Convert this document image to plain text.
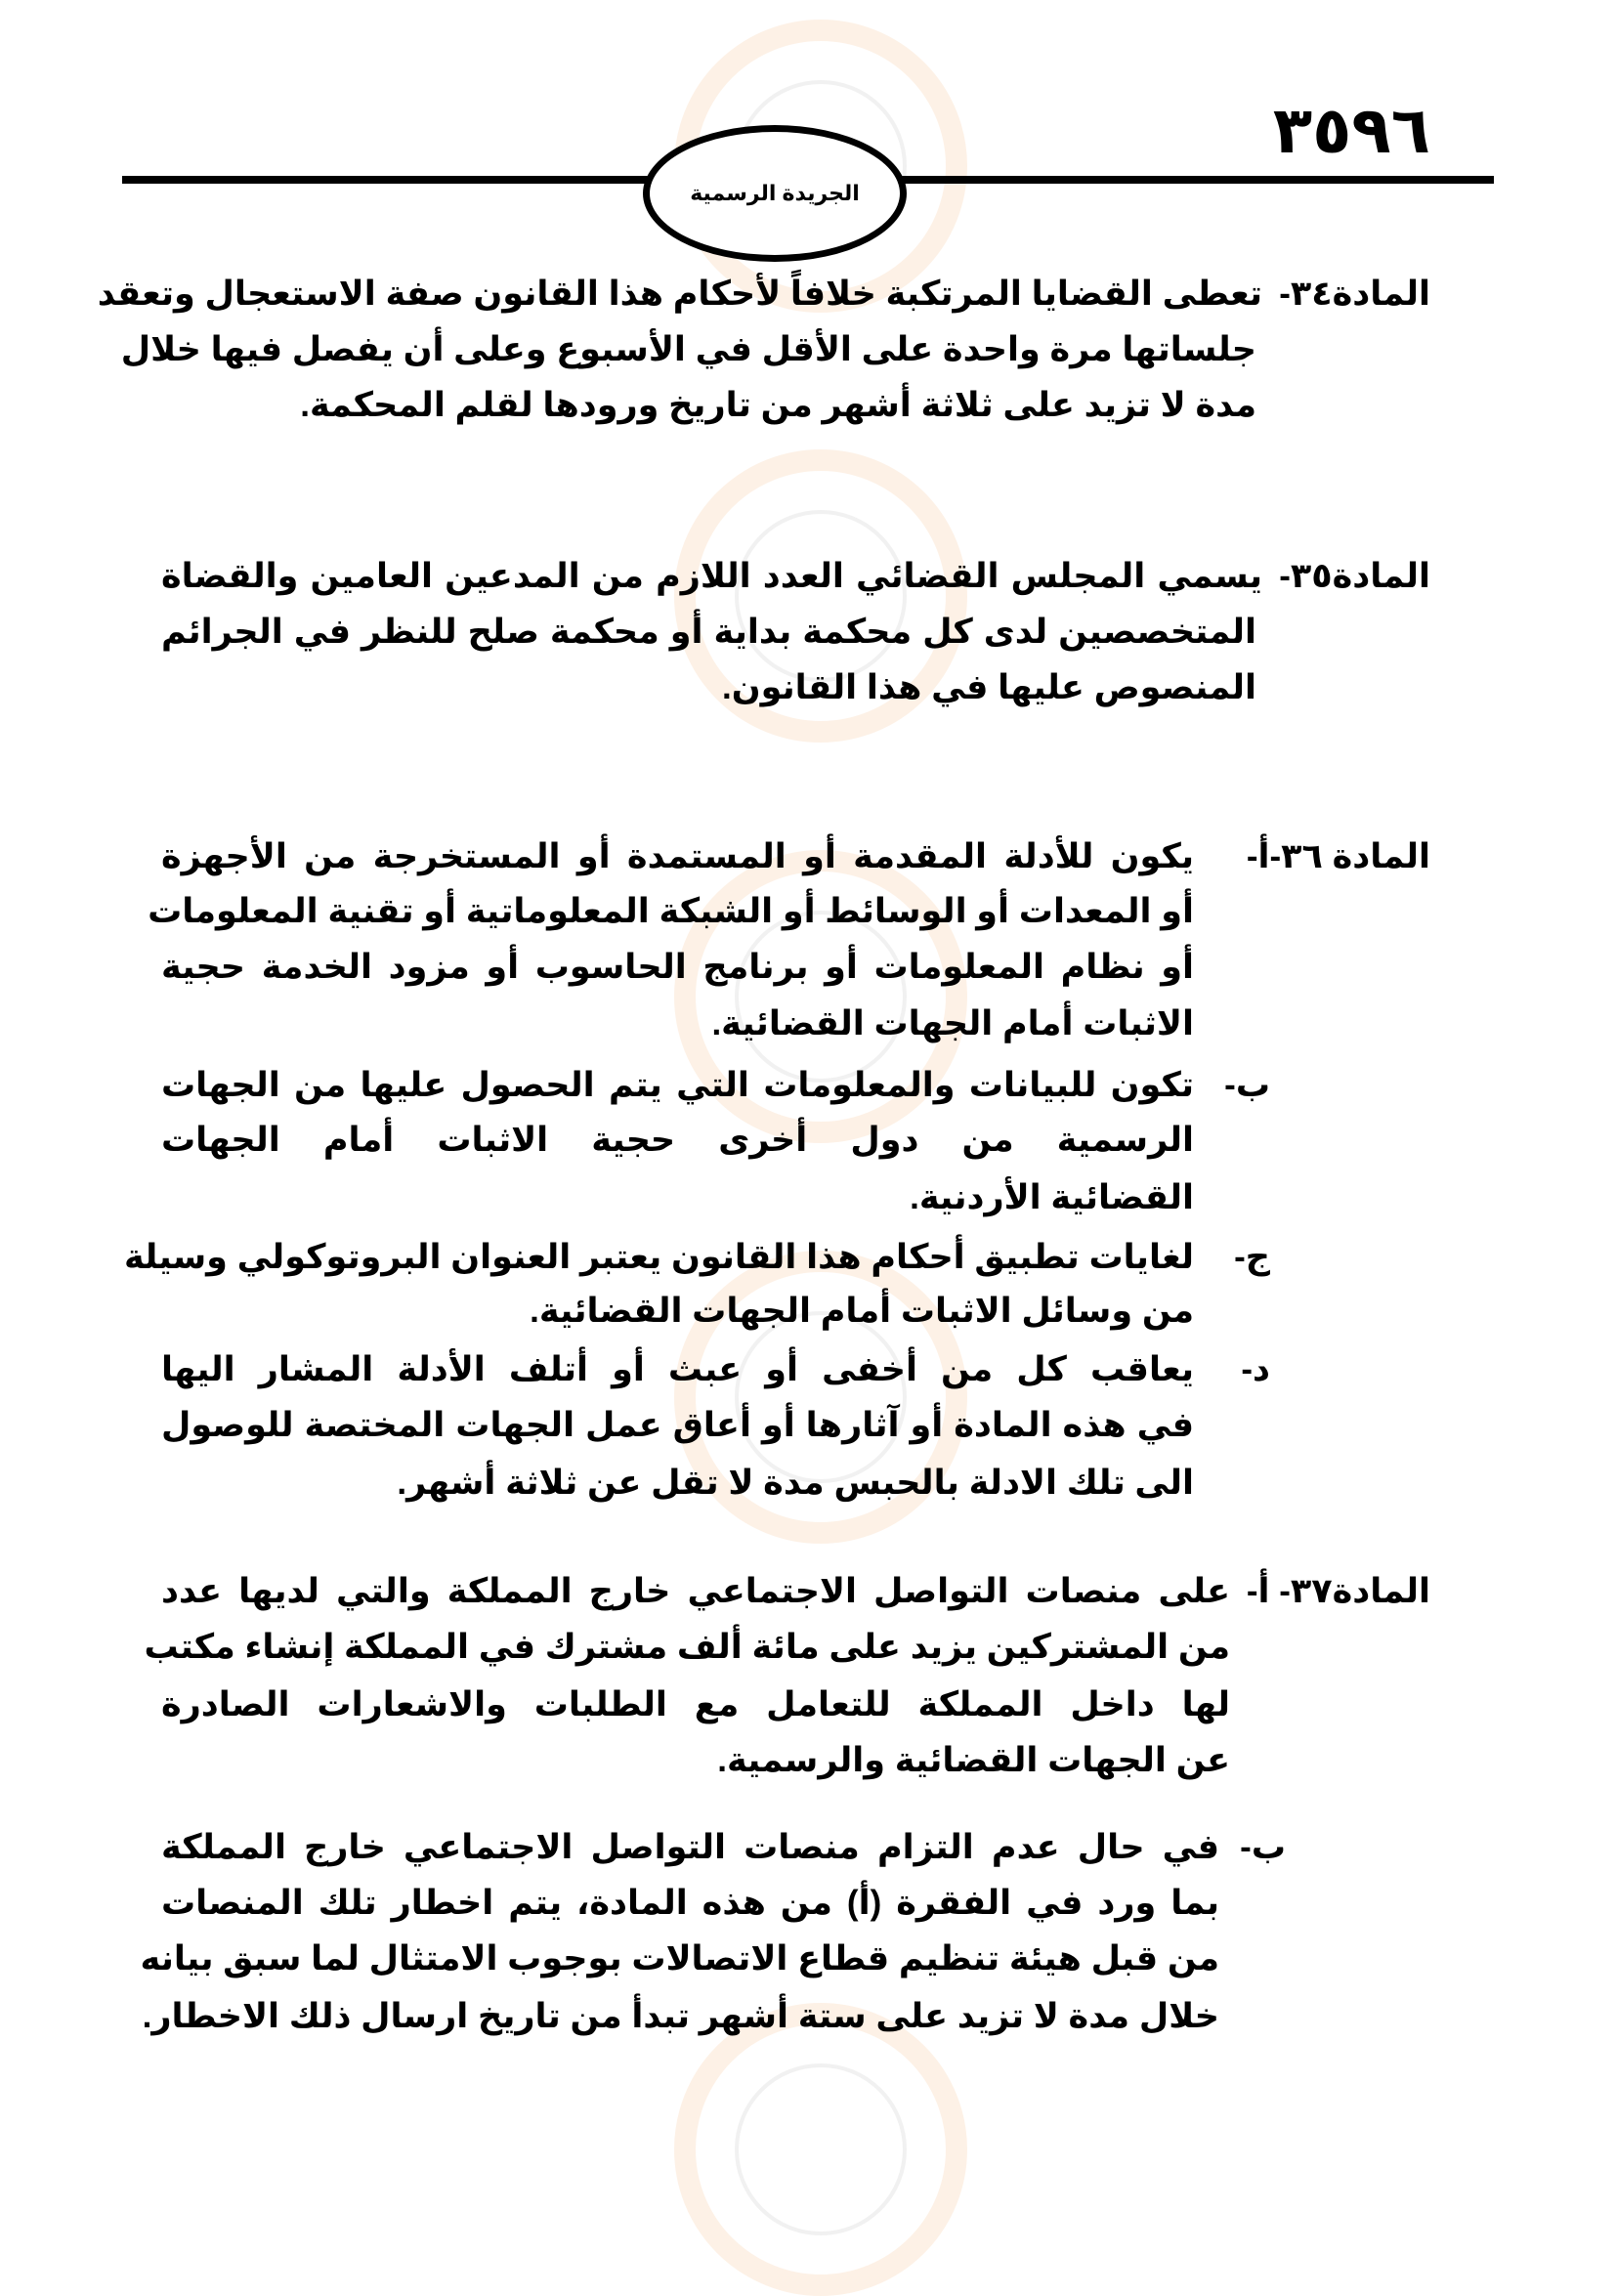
٣٥٩٦
الجريدة الرسمية
المادة٣٤-
تعطى القضايا المرتكبة خلافاً لأحكام هذا القانون صفة الاستعجال وتعقد
جلساتها مرة واحدة على الأقل في الأسبوع وعلى أن يفصل فيها خلال
مدة لا تزيد على ثلاثة أشهر من تاريخ ورودها لقلم المحكمة.
المادة٣٥-
يسمي المجلس القضائي العدد اللازم من المدعين العامين والقضاة
المتخصصين لدى كل محكمة بداية أو محكمة صلح للنظر في الجرائم
المنصوص عليها في هذا القانون.
المادة ٣٦-أ-
يكون للأدلة المقدمة أو المستمدة أو المستخرجة من الأجهزة
أو المعدات أو الوسائط أو الشبكة المعلوماتية أو تقنية المعلومات
أو نظام المعلومات أو برنامج الحاسوب أو مزود الخدمة حجية
الاثبات أمام الجهات القضائية.
ب-
تكون للبيانات والمعلومات التي يتم الحصول عليها من الجهات
الرسمية من دول أخرى حجية الاثبات أمام الجهات
القضائية الأردنية.
ج-
لغايات تطبيق أحكام هذا القانون يعتبر العنوان البروتوكولي وسيلة
من وسائل الاثبات أمام الجهات القضائية.
د-
يعاقب كل من أخفى أو عبث أو أتلف الأدلة المشار اليها
في هذه المادة أو آثارها أو أعاق عمل الجهات المختصة للوصول
الى تلك الادلة بالحبس مدة لا تقل عن ثلاثة أشهر.
المادة٣٧- أ-
على منصات التواصل الاجتماعي خارج المملكة والتي لديها عدد
من المشتركين يزيد على مائة ألف مشترك في المملكة إنشاء مكتب
لها داخل المملكة للتعامل مع الطلبات والاشعارات الصادرة
عن الجهات القضائية والرسمية.
ب-
في حال عدم التزام منصات التواصل الاجتماعي خارج المملكة
بما ورد في الفقرة (أ) من هذه المادة، يتم اخطار تلك المنصات
من قبل هيئة تنظيم قطاع الاتصالات بوجوب الامتثال لما سبق بيانه
خلال مدة لا تزيد على ستة أشهر تبدأ من تاريخ ارسال ذلك الاخطار.
